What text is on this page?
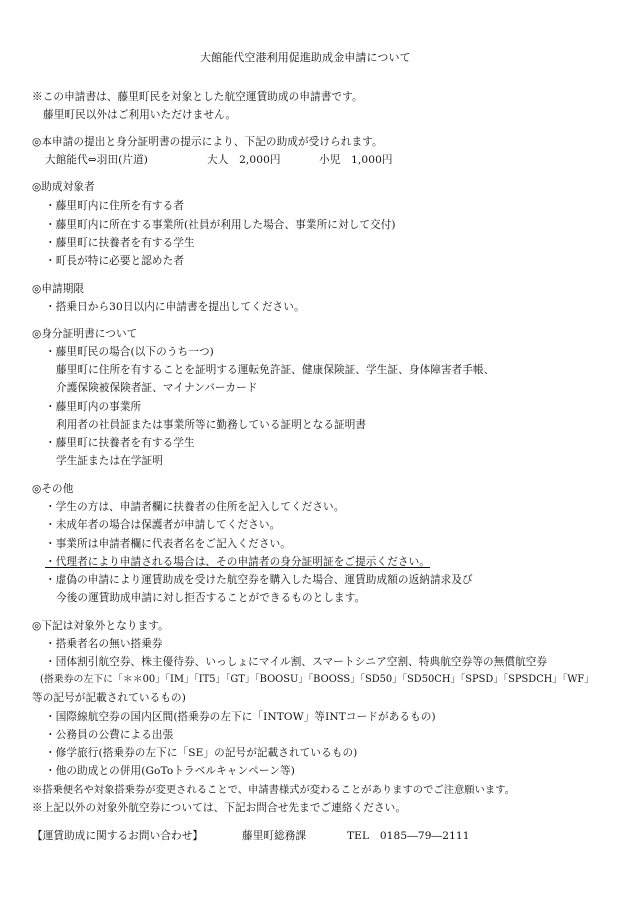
大館能代空港利用促進助成金申請について
※この申請書は、藤里町民を対象とした航空運賃助成の申請書です。
藤里町民以外はご利用いただけません。
◎本申請の提出と身分証明書の提示により、下記の助成が受けられます。
大館能代⇔羽田(片道)	大人　2,000円	小児　1,000円
◎助成対象者
・藤里町内に住所を有する者
・藤里町内に所在する事業所(社員が利用した場合、事業所に対して交付)
・藤里町に扶養者を有する学生
・町長が特に必要と認めた者
◎申請期限
・搭乗日から30日以内に申請書を提出してください。
◎身分証明書について
・藤里町民の場合(以下のうち一つ)
藤里町に住所を有することを証明する運転免許証、健康保険証、学生証、身体障害者手帳、
介護保険被保険者証、マイナンバーカード
・藤里町内の事業所
利用者の社員証または事業所等に勤務している証明となる証明書
・藤里町に扶養者を有する学生
学生証または在学証明
◎その他
・学生の方は、申請者欄に扶養者の住所を記入してください。
・未成年者の場合は保護者が申請してください。
・事業所は申請者欄に代表者名をご記入ください。
・代理者により申請される場合は、その申請者の身分証明証をご提示ください。
・虚偽の申請により運賃助成を受けた航空券を購入した場合、運賃助成額の返納請求及び
今後の運賃助成申請に対し拒否することができるものとします。
◎下記は対象外となります。
・搭乗者名の無い搭乗券
・団体割引航空券、株主優待券、いっしょにマイル割、スマートシニア空割、特典航空券等の無償航空券
(搭乗券の左下に「＊＊00」「IM」「IT5」「GT」「BOOSU」「BOOSS」「SD50」「SD50CH」「SPSD」「SPSDCH」「WF」
等の記号が記載されているもの)
・国際線航空券の国内区間(搭乗券の左下に「INTOW」等INTコードがあるもの)
・公務員の公費による出張
・修学旅行(搭乗券の左下に「SE」の記号が記載されているもの)
・他の助成との併用(GoToトラベルキャンペーン等)
※搭乗便名や対象搭乗券が変更されることで、申請書様式が変わることがありますのでご注意願います。
※上記以外の対象外航空券については、下記お問合せ先までご連絡ください。
【運賃助成に関するお問い合わせ】	藤里町総務課	TEL　0185―79―2111
